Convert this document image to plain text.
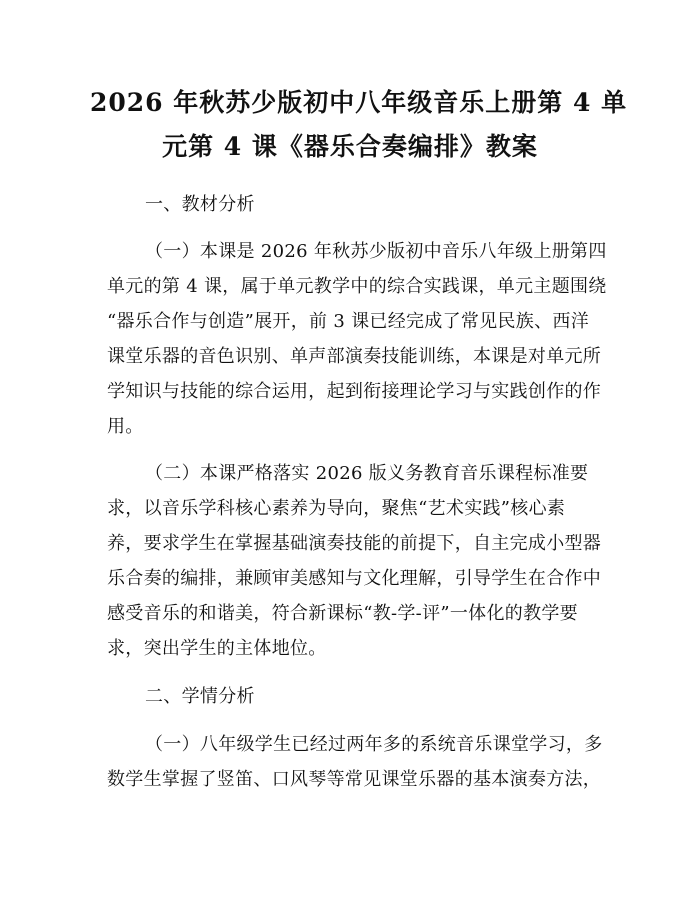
2026 年秋苏少版初中八年级音乐上册第 4 单
元第 4 课《器乐合奏编排》教案
一、教材分析
（一）本课是 2026 年秋苏少版初中音乐八年级上册第四
单元的第 4 课，属于单元教学中的综合实践课，单元主题围绕
“器乐合作与创造”展开，前 3 课已经完成了常见民族、西洋
课堂乐器的音色识别、单声部演奏技能训练，本课是对单元所
学知识与技能的综合运用，起到衔接理论学习与实践创作的作
用。
（二）本课严格落实 2026 版义务教育音乐课程标准要
求，以音乐学科核心素养为导向，聚焦“艺术实践”核心素
养，要求学生在掌握基础演奏技能的前提下，自主完成小型器
乐合奏的编排，兼顾审美感知与文化理解，引导学生在合作中
感受音乐的和谐美，符合新课标“教-学-评”一体化的教学要
求，突出学生的主体地位。
二、学情分析
（一）八年级学生已经过两年多的系统音乐课堂学习，多
数学生掌握了竖笛、口风琴等常见课堂乐器的基本演奏方法，
